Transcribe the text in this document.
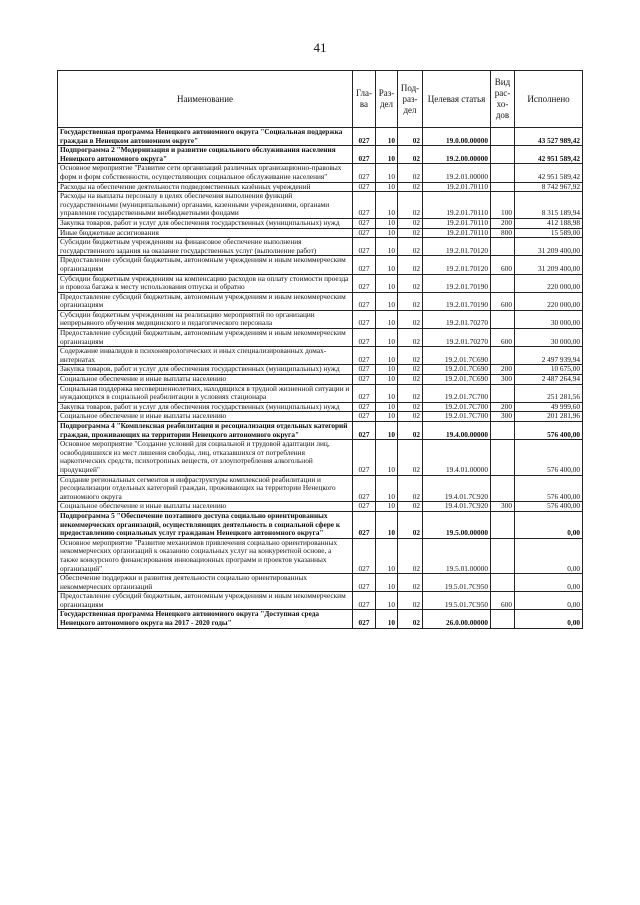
41
Наименование	Гла-ва	Раз-дел	Под-раз-дел	Целевая статья	Вид рас-хо-дов	Исполнено
Государственная программа Ненецкого автономного округа "Социальная поддержка граждан в Ненецком автономном округе"	027	10	02	19.0.00.00000		43 527 989,42
Подпрограмма 2 "Модернизация и развитие социального обслуживания населения Ненецкого автономного округа"	027	10	02	19.2.00.00000		42 951 589,42
Основное мероприятие "Развитие сети организаций различных организационно-правовых форм и форм собственности, осуществляющих социальное обслуживание населения"	027	10	02	19.2.01.00000		42 951 589,42
Расходы на обеспечение деятельности подведомственных казённых учреждений	027	10	02	19.2.01.70110		8 742 967,92
Расходы на выплаты персоналу в целях обеспечения выполнения функций государственными (муниципальными) органами, казенными учреждениями, органами управления государственными внебюджетными фондами	027	10	02	19.2.01.70110	100	8 315 189,94
Закупка товаров, работ и услуг для обеспечения государственных (муниципальных) нужд	027	10	02	19.2.01.70110	200	412 188,98
Иные бюджетные ассигнования	027	10	02	19.2.01.70110	800	15 589,00
Субсидии бюджетным учреждениям на финансовое обеспечение выполнения государственного задания на оказание государственных услуг (выполнение работ)	027	10	02	19.2.01.70120		31 209 400,00
Предоставление субсидий бюджетным, автономным учреждениям и иным некоммерческим организациям	027	10	02	19.2.01.70120	600	31 209 400,00
Субсидии бюджетным учреждениям на компенсацию расходов на оплату стоимости проезда и провоза багажа к месту использования отпуска и обратно	027	10	02	19.2.01.70190		220 000,00
Предоставление субсидий бюджетным, автономным учреждениям и иным некоммерческим организациям	027	10	02	19.2.01.70190	600	220 000,00
Субсидии бюджетным учреждениям на реализацию мероприятий по организации непрерывного обучения медицинского и педагогического персонала	027	10	02	19.2.01.70270		30 000,00
Предоставление субсидий бюджетным, автономным учреждениям и иным некоммерческим организациям	027	10	02	19.2.01.70270	600	30 000,00
Содержание инвалидов в психоневрологических и иных специализированных домах-интернатах	027	10	02	19.2.01.7С690		2 497 939,94
Закупка товаров, работ и услуг для обеспечения государственных (муниципальных) нужд	027	10	02	19.2.01.7С690	200	10 675,00
Социальное обеспечение и иные выплаты населению	027	10	02	19.2.01.7С690	300	2 487 264,94
Социальная поддержка несовершеннолетних, находящихся в трудной жизненной ситуации и нуждающихся в социальной реабилитации в условиях стационара	027	10	02	19.2.01.7С700		251 281,56
Закупка товаров, работ и услуг для обеспечения государственных (муниципальных) нужд	027	10	02	19.2.01.7С700	200	49 999,60
Социальное обеспечение и иные выплаты населению	027	10	02	19.2.01.7С700	300	201 281,96
Подпрограмма 4 "Комплексная реабилитация и ресоциализация отдельных категорий граждан, проживающих на территории Ненецкого автономного округа"	027	10	02	19.4.00.00000		576 400,00
Основное мероприятие "Создание условий для социальной и трудовой адаптации лиц, освободившихся из мест лишения свободы, лиц, отказавшихся от потребления наркотических средств, психотропных веществ, от злоупотребления алкогольной продукцией"	027	10	02	19.4.01.00000		576 400,00
Создание региональных сегментов и инфраструктуры комплексной реабилитации и ресоциализации отдельных категорий граждан, проживающих на территории Ненецкого автономного округа	027	10	02	19.4.01.7С920		576 400,00
Социальное обеспечение и иные выплаты населению	027	10	02	19.4.01.7С920	300	576 400,00
Подпрограмма 5 "Обеспечение поэтапного доступа социально ориентированных некоммерческих организаций, осуществляющих деятельность в социальной сфере к предоставлению социальных услуг гражданам Ненецкого автономного округа"	027	10	02	19.5.00.00000		0,00
Основное мероприятие "Развитие механизмов привлечения социально ориентированных некоммерческих организаций к оказанию социальных услуг на конкурентной основе, а также конкурсного финансирования инновационных программ и проектов указанных организаций"	027	10	02	19.5.01.00000		0,00
Обеспечение поддержки и развития деятельности социально ориентированных некоммерческих организаций	027	10	02	19.5.01.7С950		0,00
Предоставление субсидий бюджетным, автономным учреждениям и иным некоммерческим организациям	027	10	02	19.5.01.7С950	600	0,00
Государственная программа Ненецкого автономного округа "Доступная среда Ненецкого автономного округа на 2017 - 2020 годы"	027	10	02	26.0.00.00000		0,00
